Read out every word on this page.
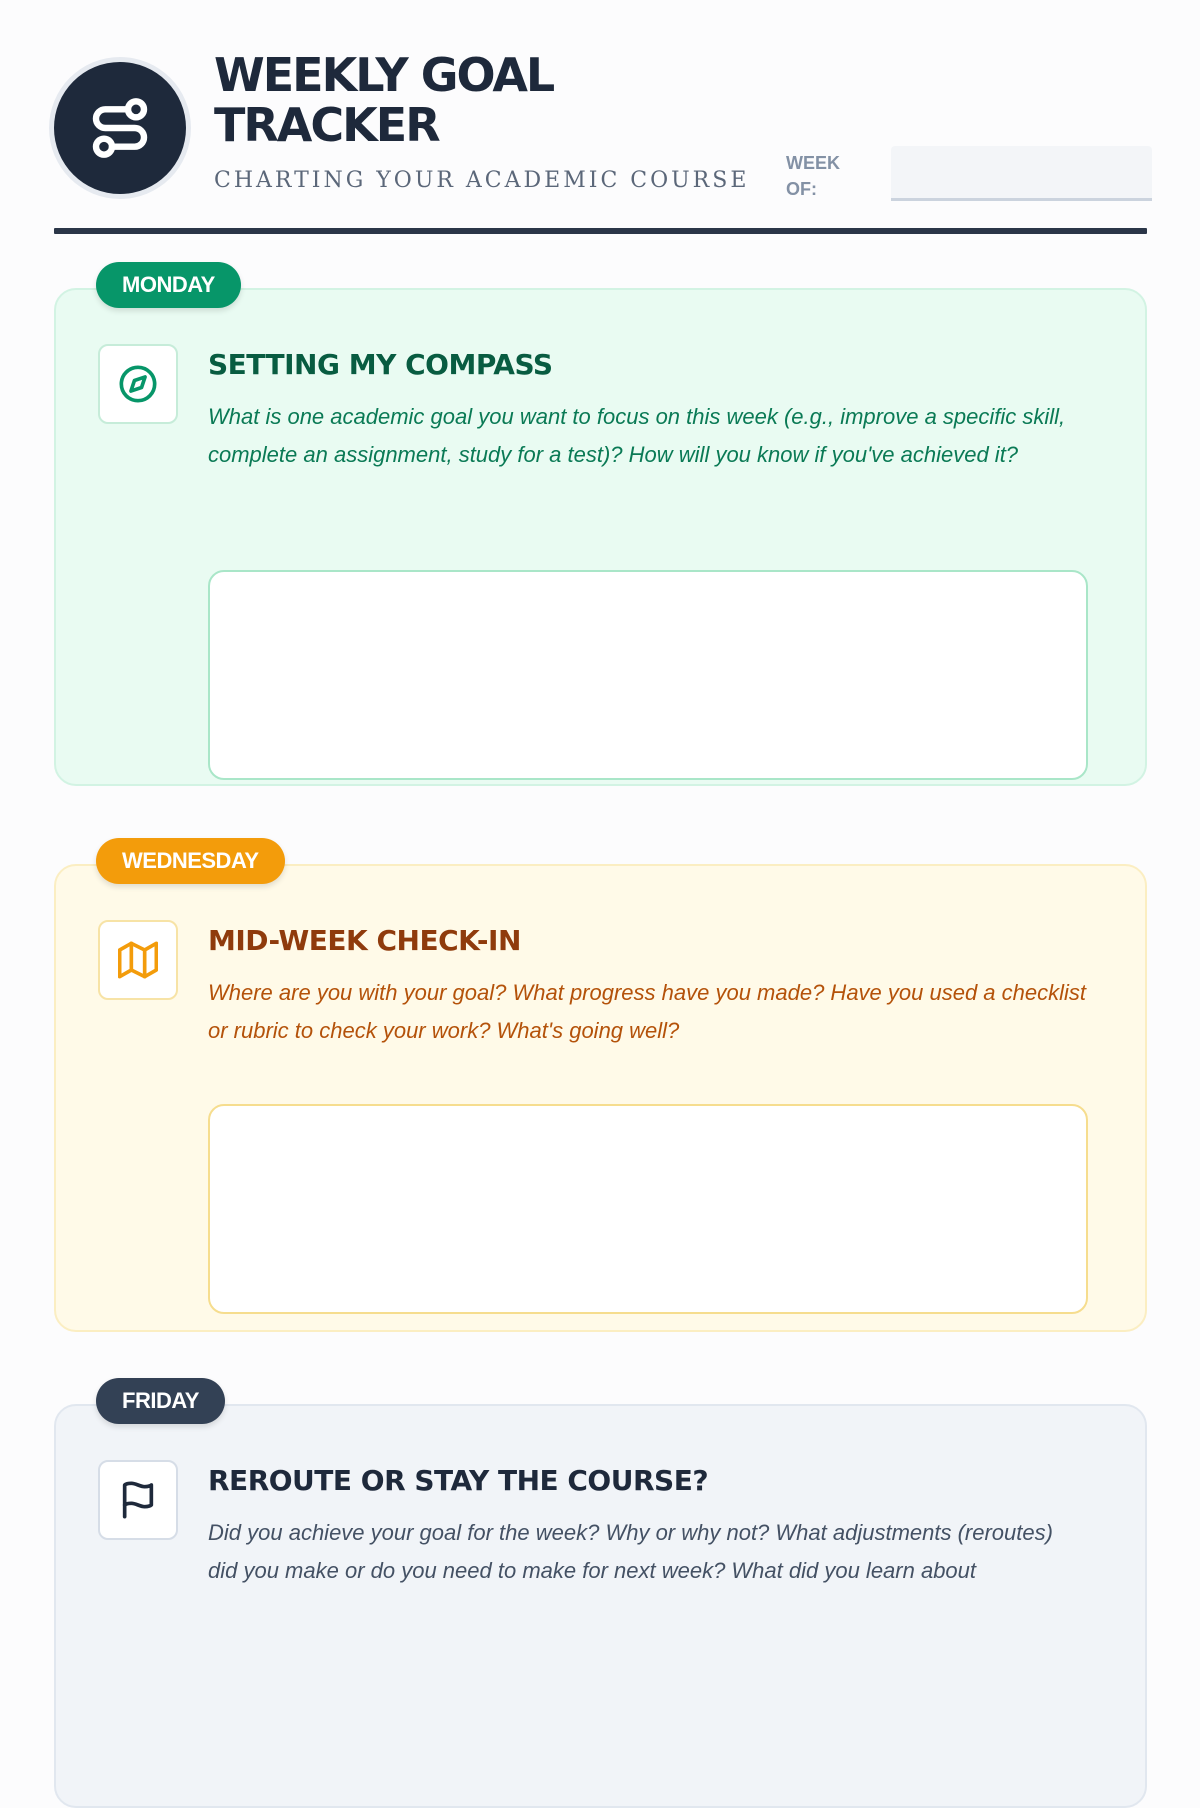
WEEKLY GOAL TRACKER
CHARTING YOUR ACADEMIC COURSE
WEEK OF:
MONDAY
SETTING MY COMPASS

What is one academic goal you want to focus on this week (e.g., improve a specific skill, complete an assignment, study for a test)? How will you know if you've achieved it?

WEDNESDAY
MID-WEEK CHECK-IN

Where are you with your goal? What progress have you made? Have you used a checklist or rubric to check your work? What's going well?

FRIDAY
REROUTE OR STAY THE COURSE?

Did you achieve your goal for the week? Why or why not? What adjustments (reroutes) did you make or do you need to make for next week? What did you learn about
